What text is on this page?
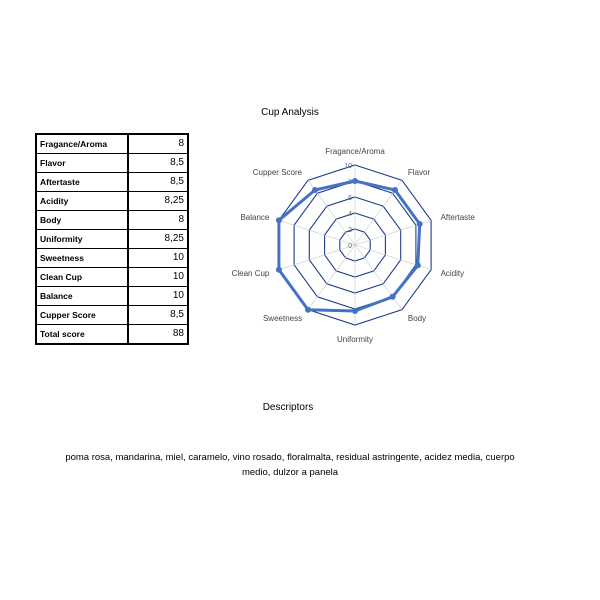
Cup Analysis
Fragance/Aroma	8
Flavor	8,5
Aftertaste	8,5
Acidity	8,25
Body	8
Uniformity	8,25
Sweetness	10
Clean Cup	10
Balance	10
Cupper Score	8,5
Total score	88
0
2
4
6
8
10
Fragance/Aroma
Flavor
Aftertaste
Acidity
Body
Uniformity
Sweetness
Clean Cup
Balance
Cupper Score
Descriptors
poma rosa, mandarina, miel, caramelo, vino rosado, floralmalta, residual astringente, acidez media, cuerpo medio, dulzor a panela
